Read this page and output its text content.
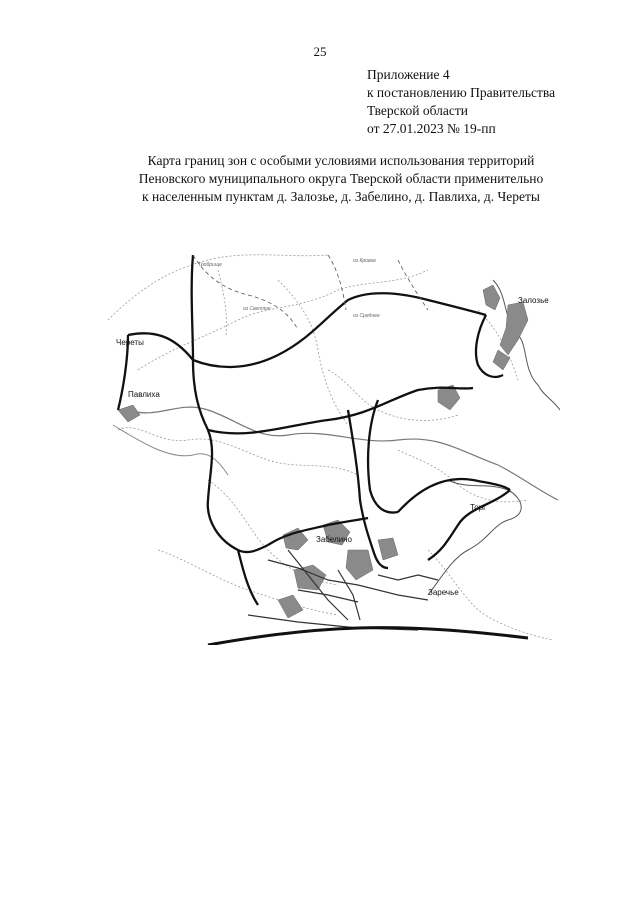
25
Приложение 4
к постановлению Правительства
Тверской области
от 27.01.2023 № 19-пп
Карта границ зон с особыми условиями использования территорий
Пеновского муниципального округа Тверской области применительно
к населенным пунктам д. Залозье, д. Забелино, д. Павлиха, д. Череты
Залозье
Череты
Павлиха
Забелино
Торг
Заречье
оз Кривое
оз Светлое
оз Среднее
Тробрище
